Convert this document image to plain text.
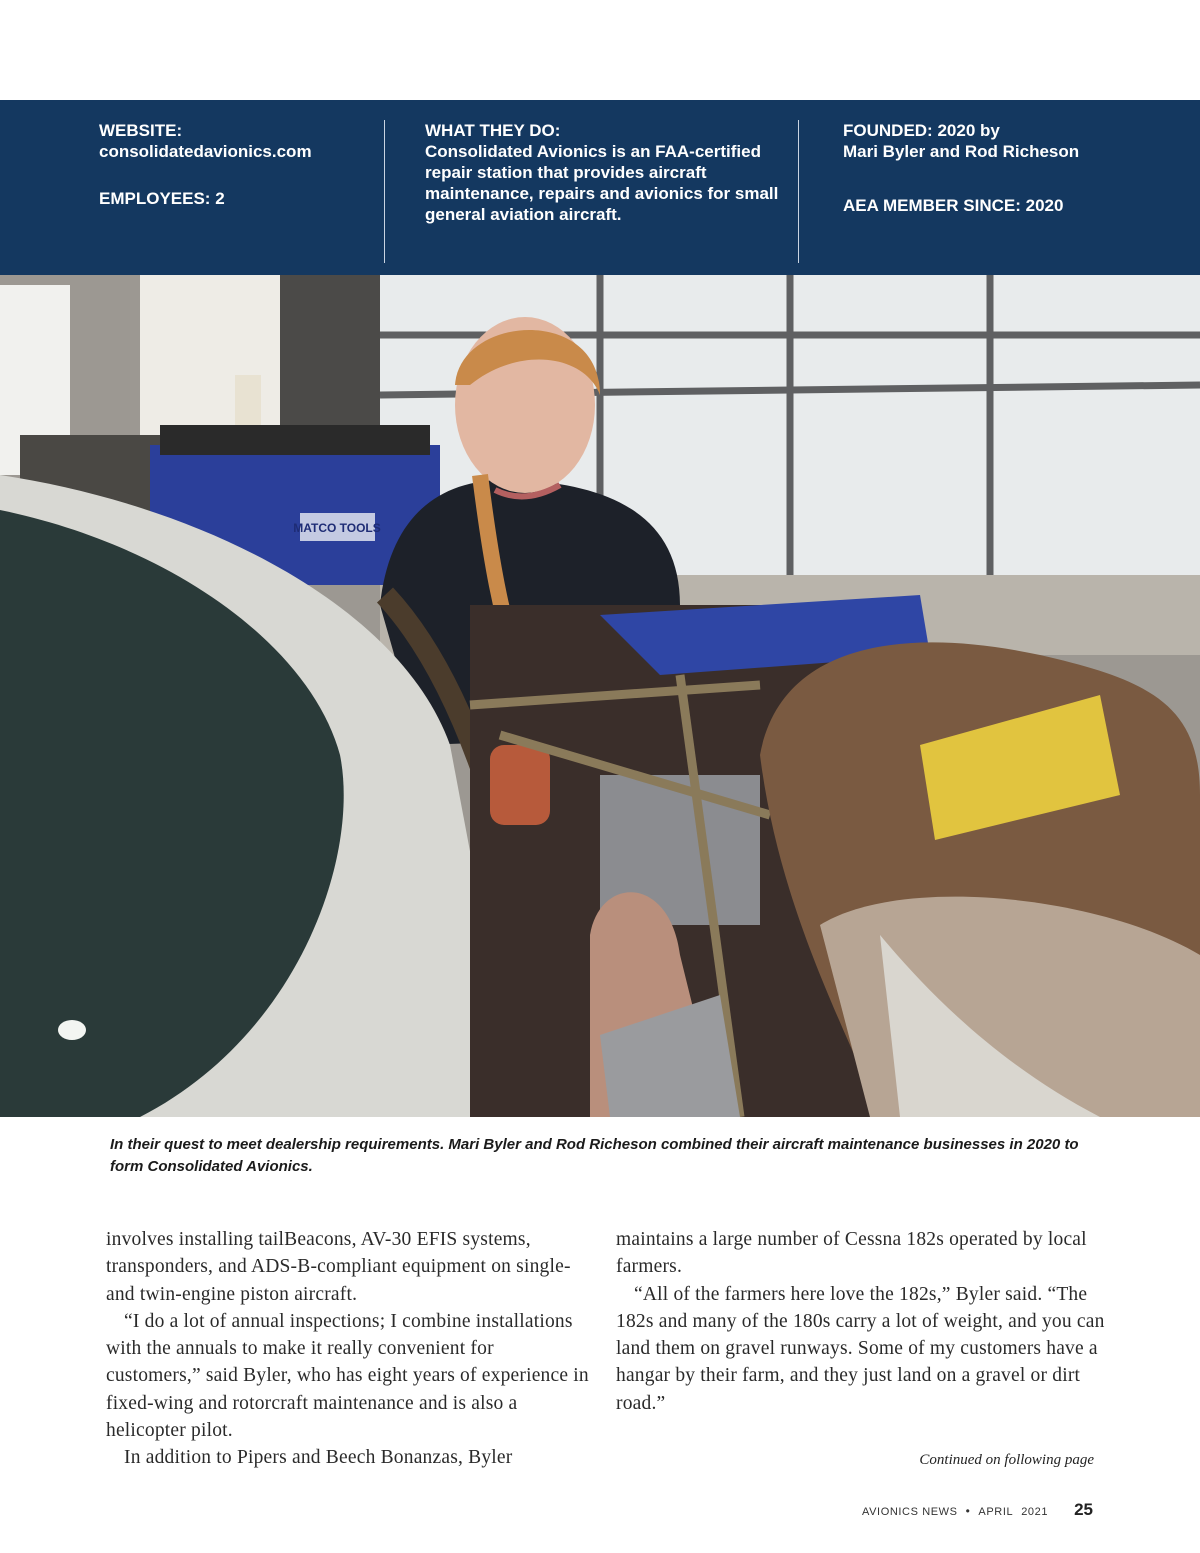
WEBSITE:
consolidatedavionics.com
EMPLOYEES: 2
WHAT THEY DO:
Consolidated Avionics is an FAA-certified repair station that provides aircraft maintenance, repairs and avionics for small general aviation aircraft.
FOUNDED: 2020 by
Mari Byler and Rod Richeson
AEA MEMBER SINCE: 2020
MATCO TOOLS
In their quest to meet dealership requirements. Mari Byler and Rod Richeson combined their aircraft maintenance businesses in 2020 to form Consolidated Avionics.

involves installing tailBeacons, AV-30 EFIS systems, transponders, and ADS-B-compliant equipment on single- and twin-engine piston aircraft.

“I do a lot of annual inspections; I combine installations with the annuals to make it really convenient for customers,” said Byler, who has eight years of experience in fixed-wing and rotorcraft maintenance and is also a helicopter pilot.

In addition to Pipers and Beech Bonanzas, Byler

maintains a large number of Cessna 182s operated by local farmers.

“All of the farmers here love the 182s,” Byler said. “The 182s and many of the 180s carry a lot of weight, and you can land them on gravel runways. Some of my customers have a hangar by their farm, and they just land on a gravel or dirt road.”

Continued on following page
AVIONICS NEWS • APRIL 2021 25
